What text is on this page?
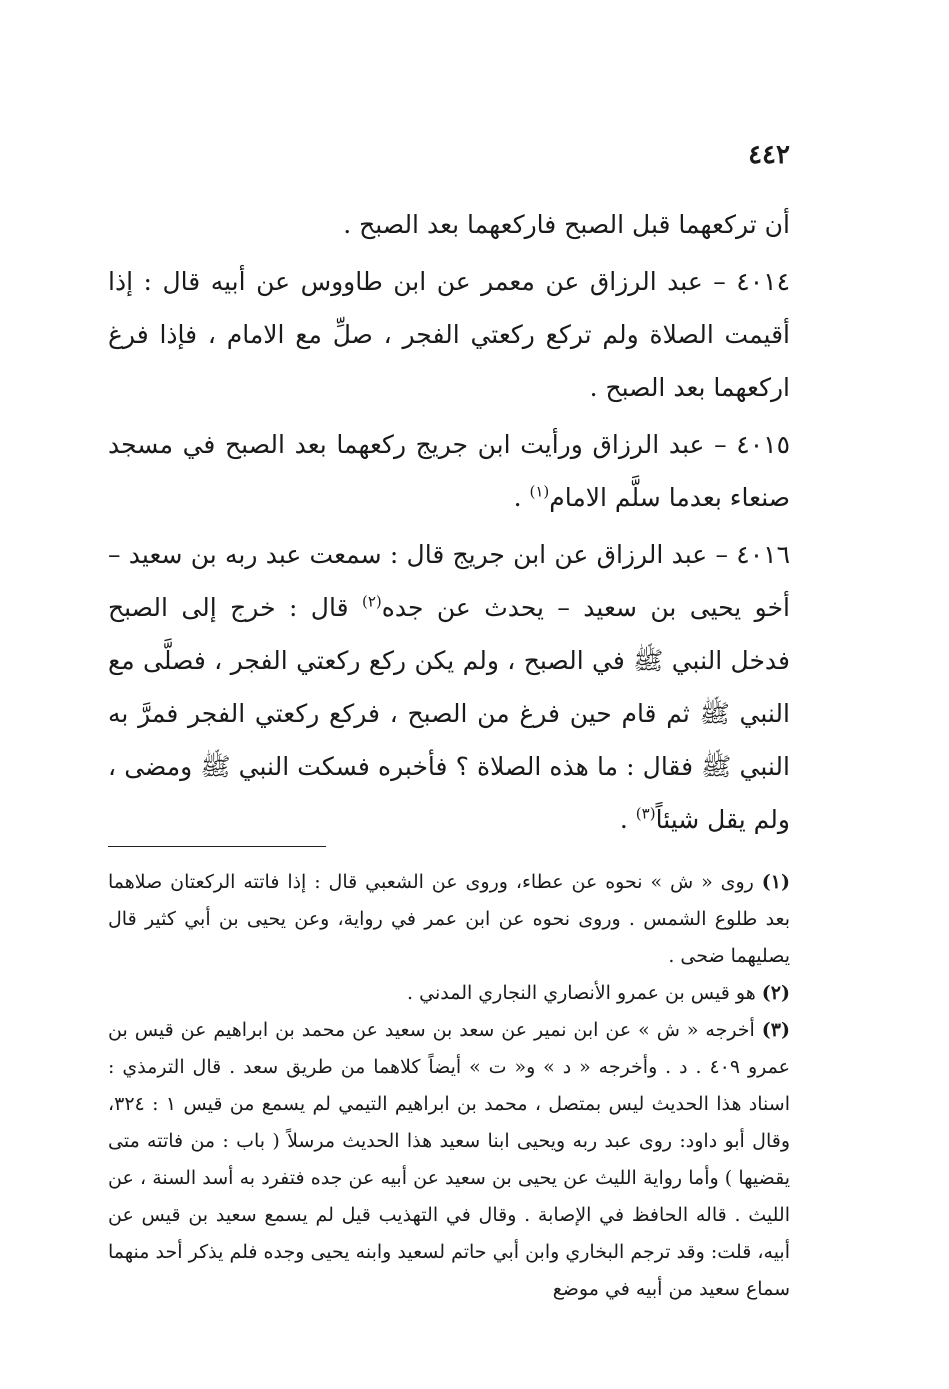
٤٤٢

أن تركعهما قبل الصبح فاركعهما بعد الصبح .

٤٠١٤ – عبد الرزاق عن معمر عن ابن طاووس عن أبيه قال : إذا أقيمت الصلاة ولم تركع ركعتي الفجر ، صلِّ مع الامام ، فإذا فرغ اركعهما بعد الصبح .

٤٠١٥ – عبد الرزاق ورأيت ابن جريج ركعهما بعد الصبح في مسجد صنعاء بعدما سلَّم الامام$^{(١)}$ .

٤٠١٦ – عبد الرزاق عن ابن جريج قال : سمعت عبد ربه بن سعيد – أخو يحيى بن سعيد – يحدث عن جده$^{(٢)}$ قال : خرج إلى الصبح فدخل النبي ﷺ في الصبح ، ولم يكن ركع ركعتي الفجر ، فصلَّى مع النبي ﷺ ثم قام حين فرغ من الصبح ، فركع ركعتي الفجر فمرَّ به النبي ﷺ فقال : ما هذه الصلاة ؟ فأخبره فسكت النبي ﷺ ومضى ، ولم يقل شيئاً$^{(٣)}$ .

(١) روى « ش » نحوه عن عطاء، وروى عن الشعبي قال : إذا فاتته الركعتان صلاهما بعد طلوع الشمس . وروى نحوه عن ابن عمر في رواية، وعن يحيى بن أبي كثير قال يصليهما ضحى .

(٢) هو قيس بن عمرو الأنصاري النجاري المدني .

(٣) أخرجه « ش » عن ابن نمير عن سعد بن سعيد عن محمد بن ابراهيم عن قيس بن عمرو ٤٠٩ . د . وأخرجه « د » و« ت » أيضاً كلاهما من طريق سعد . قال الترمذي : اسناد هذا الحديث ليس بمتصل ، محمد بن ابراهيم التيمي لم يسمع من قيس ١ : ٣٢٤، وقال أبو داود: روى عبد ربه ويحيى ابنا سعيد هذا الحديث مرسلاً ( باب : من فاتته متى يقضيها ) وأما رواية الليث عن يحيى بن سعيد عن أبيه عن جده فتفرد به أسد السنة ، عن الليث . قاله الحافظ في الإصابة . وقال في التهذيب قيل لم يسمع سعيد بن قيس عن أبيه، قلت: وقد ترجم البخاري وابن أبي حاتم لسعيد وابنه يحيى وجده فلم يذكر أحد منهما سماع سعيد من أبيه في موضع
